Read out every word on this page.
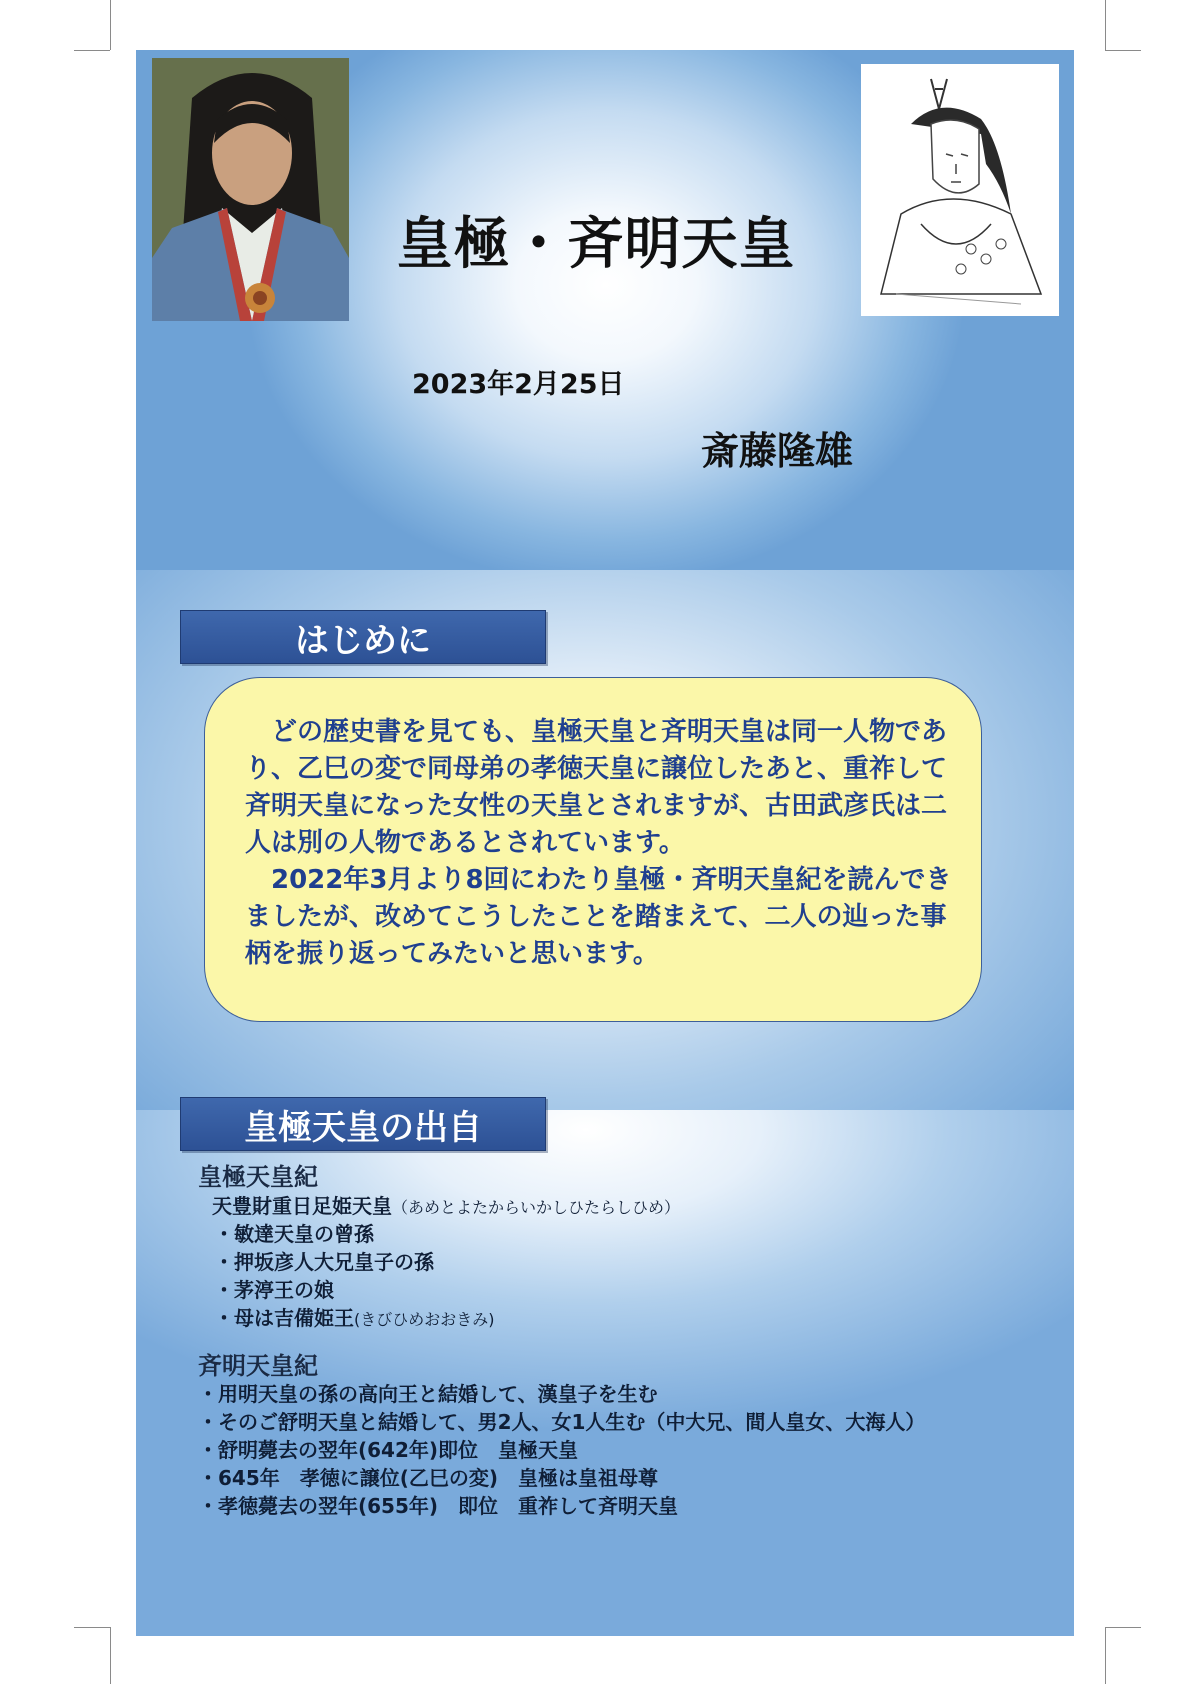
皇極・斉明天皇
2023年2月25日
斎藤隆雄
はじめに

どの歴史書を見ても、皇極天皇と斉明天皇は同一人物であり、乙巳の変で同母弟の孝徳天皇に譲位したあと、重祚して斉明天皇になった女性の天皇とされますが、古田武彦氏は二人は別の人物であるとされています。

2022年3月より8回にわたり皇極・斉明天皇紀を読んできましたが、改めてこうしたことを踏まえて、二人の辿った事柄を振り返ってみたいと思います。

皇極天皇の出自
皇極天皇紀
天豊財重日足姫天皇（あめとよたからいかしひたらしひめ）
・敏達天皇の曾孫
・押坂彦人大兄皇子の孫
・茅渟王の娘
・母は吉備姫王(きびひめおおきみ)
斉明天皇紀
・用明天皇の孫の高向王と結婚して、漢皇子を生む
・そのご舒明天皇と結婚して、男2人、女1人生む（中大兄、間人皇女、大海人）
・舒明薨去の翌年(642年)即位　皇極天皇
・645年　孝徳に譲位(乙巳の変)　皇極は皇祖母尊
・孝徳薨去の翌年(655年)　即位　重祚して斉明天皇
